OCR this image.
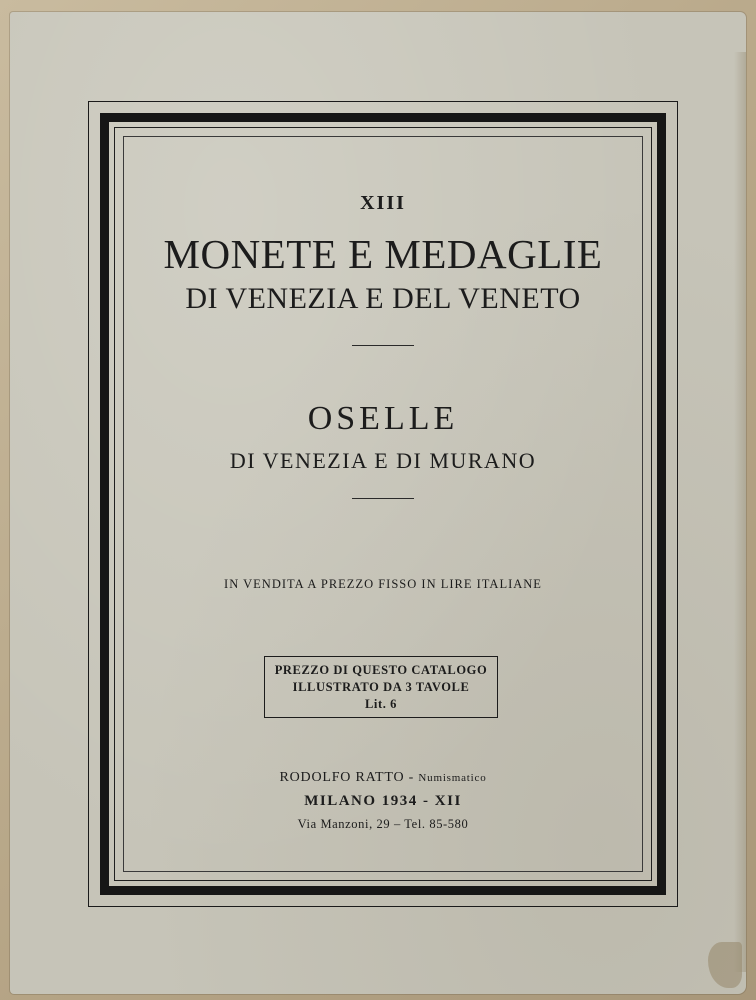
XIII

MONETE E MEDAGLIE

DI VENEZIA E DEL VENETO

OSELLE

DI VENEZIA E DI MURANO

IN VENDITA A PREZZO FISSO IN LIRE ITALIANE

PREZZO DI QUESTO CATALOGO
ILLUSTRATO DA 3 TAVOLE
Lit. 6

RODOLFO RATTO - Numismatico

MILANO 1934 - XII

Via Manzoni, 29 – Tel. 85-580
